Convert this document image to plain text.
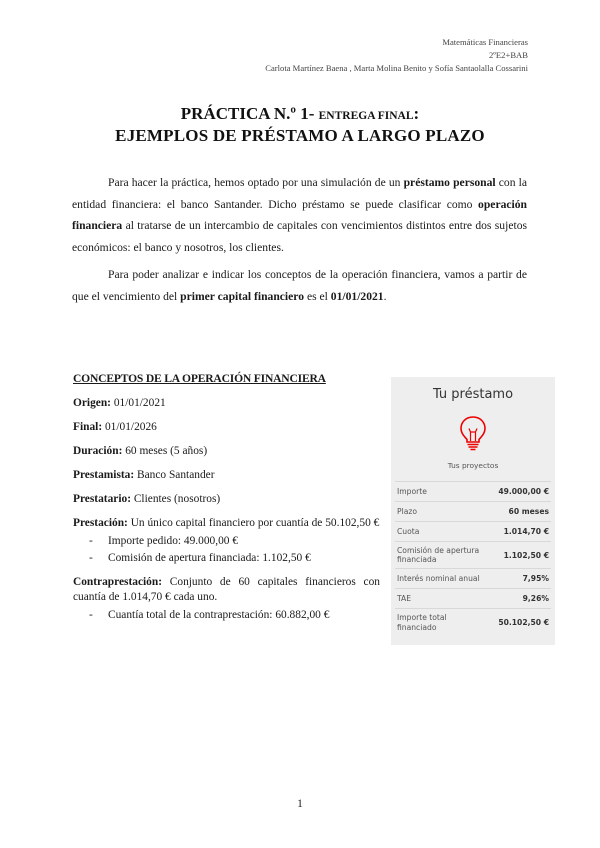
Matemáticas Financieras
2ºE2+BAB
Carlota Martínez Baena , Marta Molina Benito y Sofía Santaolalla Cossarini
PRÁCTICA N.º 1- ENTREGA FINAL:
EJEMPLOS DE PRÉSTAMO A LARGO PLAZO
Para hacer la práctica, hemos optado por una simulación de un préstamo personal con la entidad financiera: el banco Santander. Dicho préstamo se puede clasificar como operación financiera al tratarse de un intercambio de capitales con vencimientos distintos entre dos sujetos económicos: el banco y nosotros, los clientes.
Para poder analizar e indicar los conceptos de la operación financiera, vamos a partir de que el vencimiento del primer capital financiero es el 01/01/2021.
CONCEPTOS DE LA OPERACIÓN FINANCIERA
Origen: 01/01/2021
Final: 01/01/2026
Duración: 60 meses (5 años)
Prestamista: Banco Santander
Prestatario: Clientes (nosotros)
Prestación: Un único capital financiero por cuantía de 50.102,50 €
- Importe pedido: 49.000,00 €
- Comisión de apertura financiada: 1.102,50 €
Contraprestación: Conjunto de 60 capitales financieros con cuantía de 1.014,70 € cada uno.
- Cuantía total de la contraprestación: 60.882,00 €
Tu préstamo
Tus proyectos
Importe	49.000,00 €
Plazo	60 meses
Cuota	1.014,70 €
Comisión de apertura financiada	1.102,50 €
Interés nominal anual	7,95%
TAE	9,26%
Importe total financiado	50.102,50 €
1
